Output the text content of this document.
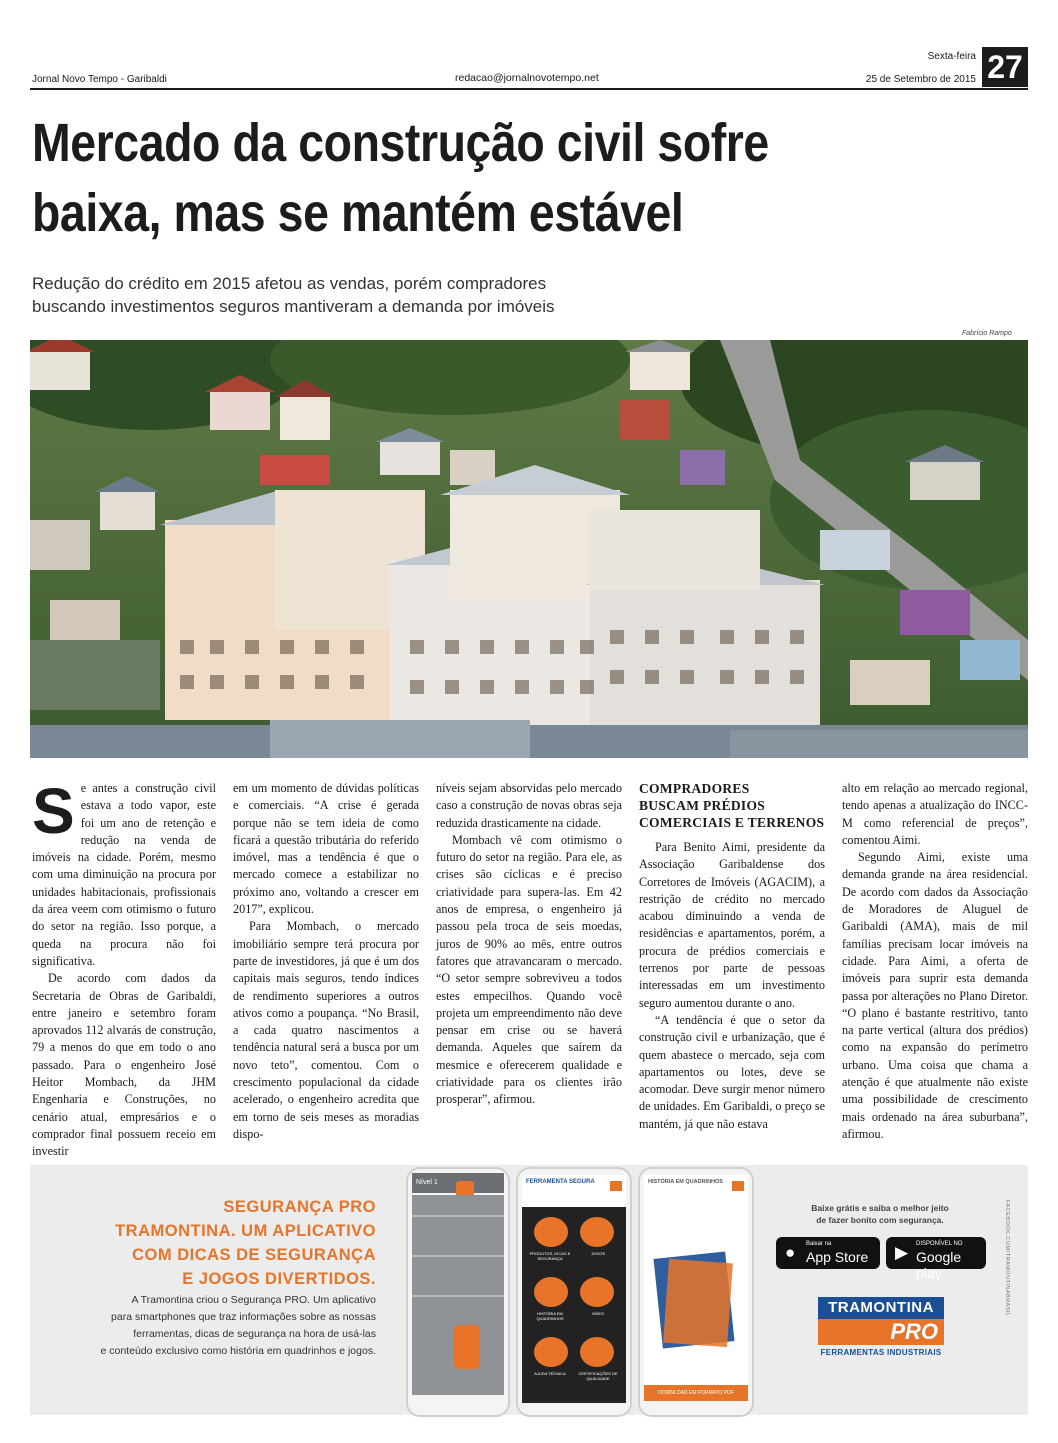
Jornal Novo Tempo - Garibaldi	redacao@jornalnovotempo.net
Sexta-feira
25 de Setembro de 2015 27
Mercado da construção civil sofre
baixa, mas se mantém estável
Redução do crédito em 2015 afetou as vendas, porém compradores
buscando investimentos seguros mantiveram a demanda por imóveis
Fabrício Rampo
S e antes a construção civil estava a todo vapor, este foi um ano de retenção e redução na venda de imóveis na cidade. Porém, mesmo com uma diminuição na procura por unidades habitacionais, profissionais da área veem com otimismo o futuro do setor na região. Isso porque, a queda na procura não foi significativa.

De acordo com dados da Secretaria de Obras de Garibaldi, entre janeiro e setembro foram aprovados 112 alvarás de construção, 79 a menos do que em todo o ano passado. Para o engenheiro José Heitor Mombach, da JHM Engenharia e Construções, no cenário atual, empresários e o comprador final possuem receio em investir

em um momento de dúvidas políticas e comerciais. “A crise é gerada porque não se tem ideia de como ficará a questão tributária do referido imóvel, mas a tendência é que o mercado comece a estabilizar no próximo ano, voltando a crescer em 2017”, explicou.

Para Mombach, o mercado imobiliário sempre terá procura por parte de investidores, já que é um dos capitais mais seguros, tendo índices de rendimento superiores a outros ativos como a poupança. “No Brasil, a cada quatro nascimentos a tendência natural será a busca por um novo teto”, comentou. Com o crescimento populacional da cidade acelerado, o engenheiro acredita que em torno de seis meses as moradias dispo-

níveis sejam absorvidas pelo mercado caso a construção de novas obras seja reduzida drasticamente na cidade.

Mombach vê com otimismo o futuro do setor na região. Para ele, as crises são cíclicas e é preciso criatividade para supera-las. Em 42 anos de empresa, o engenheiro já passou pela troca de seis moedas, juros de 90% ao mês, entre outros fatores que atravancaram o mercado. “O setor sempre sobreviveu a todos estes empecilhos. Quando você projeta um empreendimento não deve pensar em crise ou se haverá demanda. Aqueles que saírem da mesmice e oferecerem qualidade e criatividade para os clientes irão prosperar”, afirmou.

COMPRADORES
BUSCAM PRÉDIOS
COMERCIAIS E TERRENOS

Para Benito Aimi, presidente da Associação Garibaldense dos Corretores de Imóveis (AGACIM), a restrição de crédito no mercado acabou diminuindo a venda de residências e apartamentos, porém, a procura de prédios comerciais e terrenos por parte de pessoas interessadas em um investimento seguro aumentou durante o ano.

“A tendência é que o setor da construção civil e urbanização, que é quem abastece o mercado, seja com apartamentos ou lotes, deve se acomodar. Deve surgir menor número de unidades. Em Garibaldi, o preço se mantém, já que não estava

alto em relação ao mercado regional, tendo apenas a atualização do INCC-M como referencial de preços”, comentou Aimi.

Segundo Aimi, existe uma demanda grande na área residencial. De acordo com dados da Associação de Moradores de Aluguel de Garibaldi (AMA), mais de mil famílias precisam locar imóveis na cidade. Para Aimi, a oferta de imóveis para suprir esta demanda passa por alterações no Plano Diretor. “O plano é bastante restritivo, tanto na parte vertical (altura dos prédios) como na expansão do perímetro urbano. Uma coisa que chama a atenção é que atualmente não existe uma possibilidade de crescimento mais ordenado na área suburbana”, afirmou.

SEGURANÇA PRO
TRAMONTINA. UM APLICATIVO
COM DICAS DE SEGURANÇA
E JOGOS DIVERTIDOS.
A Tramontina criou o Segurança PRO. Um aplicativo
para smartphones que traz informações sobre as nossas
ferramentas, dicas de segurança na hora de usá-las
e conteúdo exclusivo como história em quadrinhos e jogos.
Nível 1	FERRAMENTA SEGURA
PRODUTOS, DICAS E SEGURANÇA
JOGOS
HISTÓRIA EM QUADRINHOS
VÍDEO
AJUDA TÉCNICA	CERTIFICAÇÕES DE QUALIDADE
HISTÓRIA EM QUADRINHOS
DOWNLOAD EM FORMATO PDF
Baixe grátis e saiba o melhor jeito
de fazer bonito com segurança.
● Baixar na
App Store ▶ DISPONÍVEL NO
Google play
TRAMONTINA
PRO
FERRAMENTAS INDUSTRIAIS
FACEBOOK.COM/TRAMONTINABRASIL
